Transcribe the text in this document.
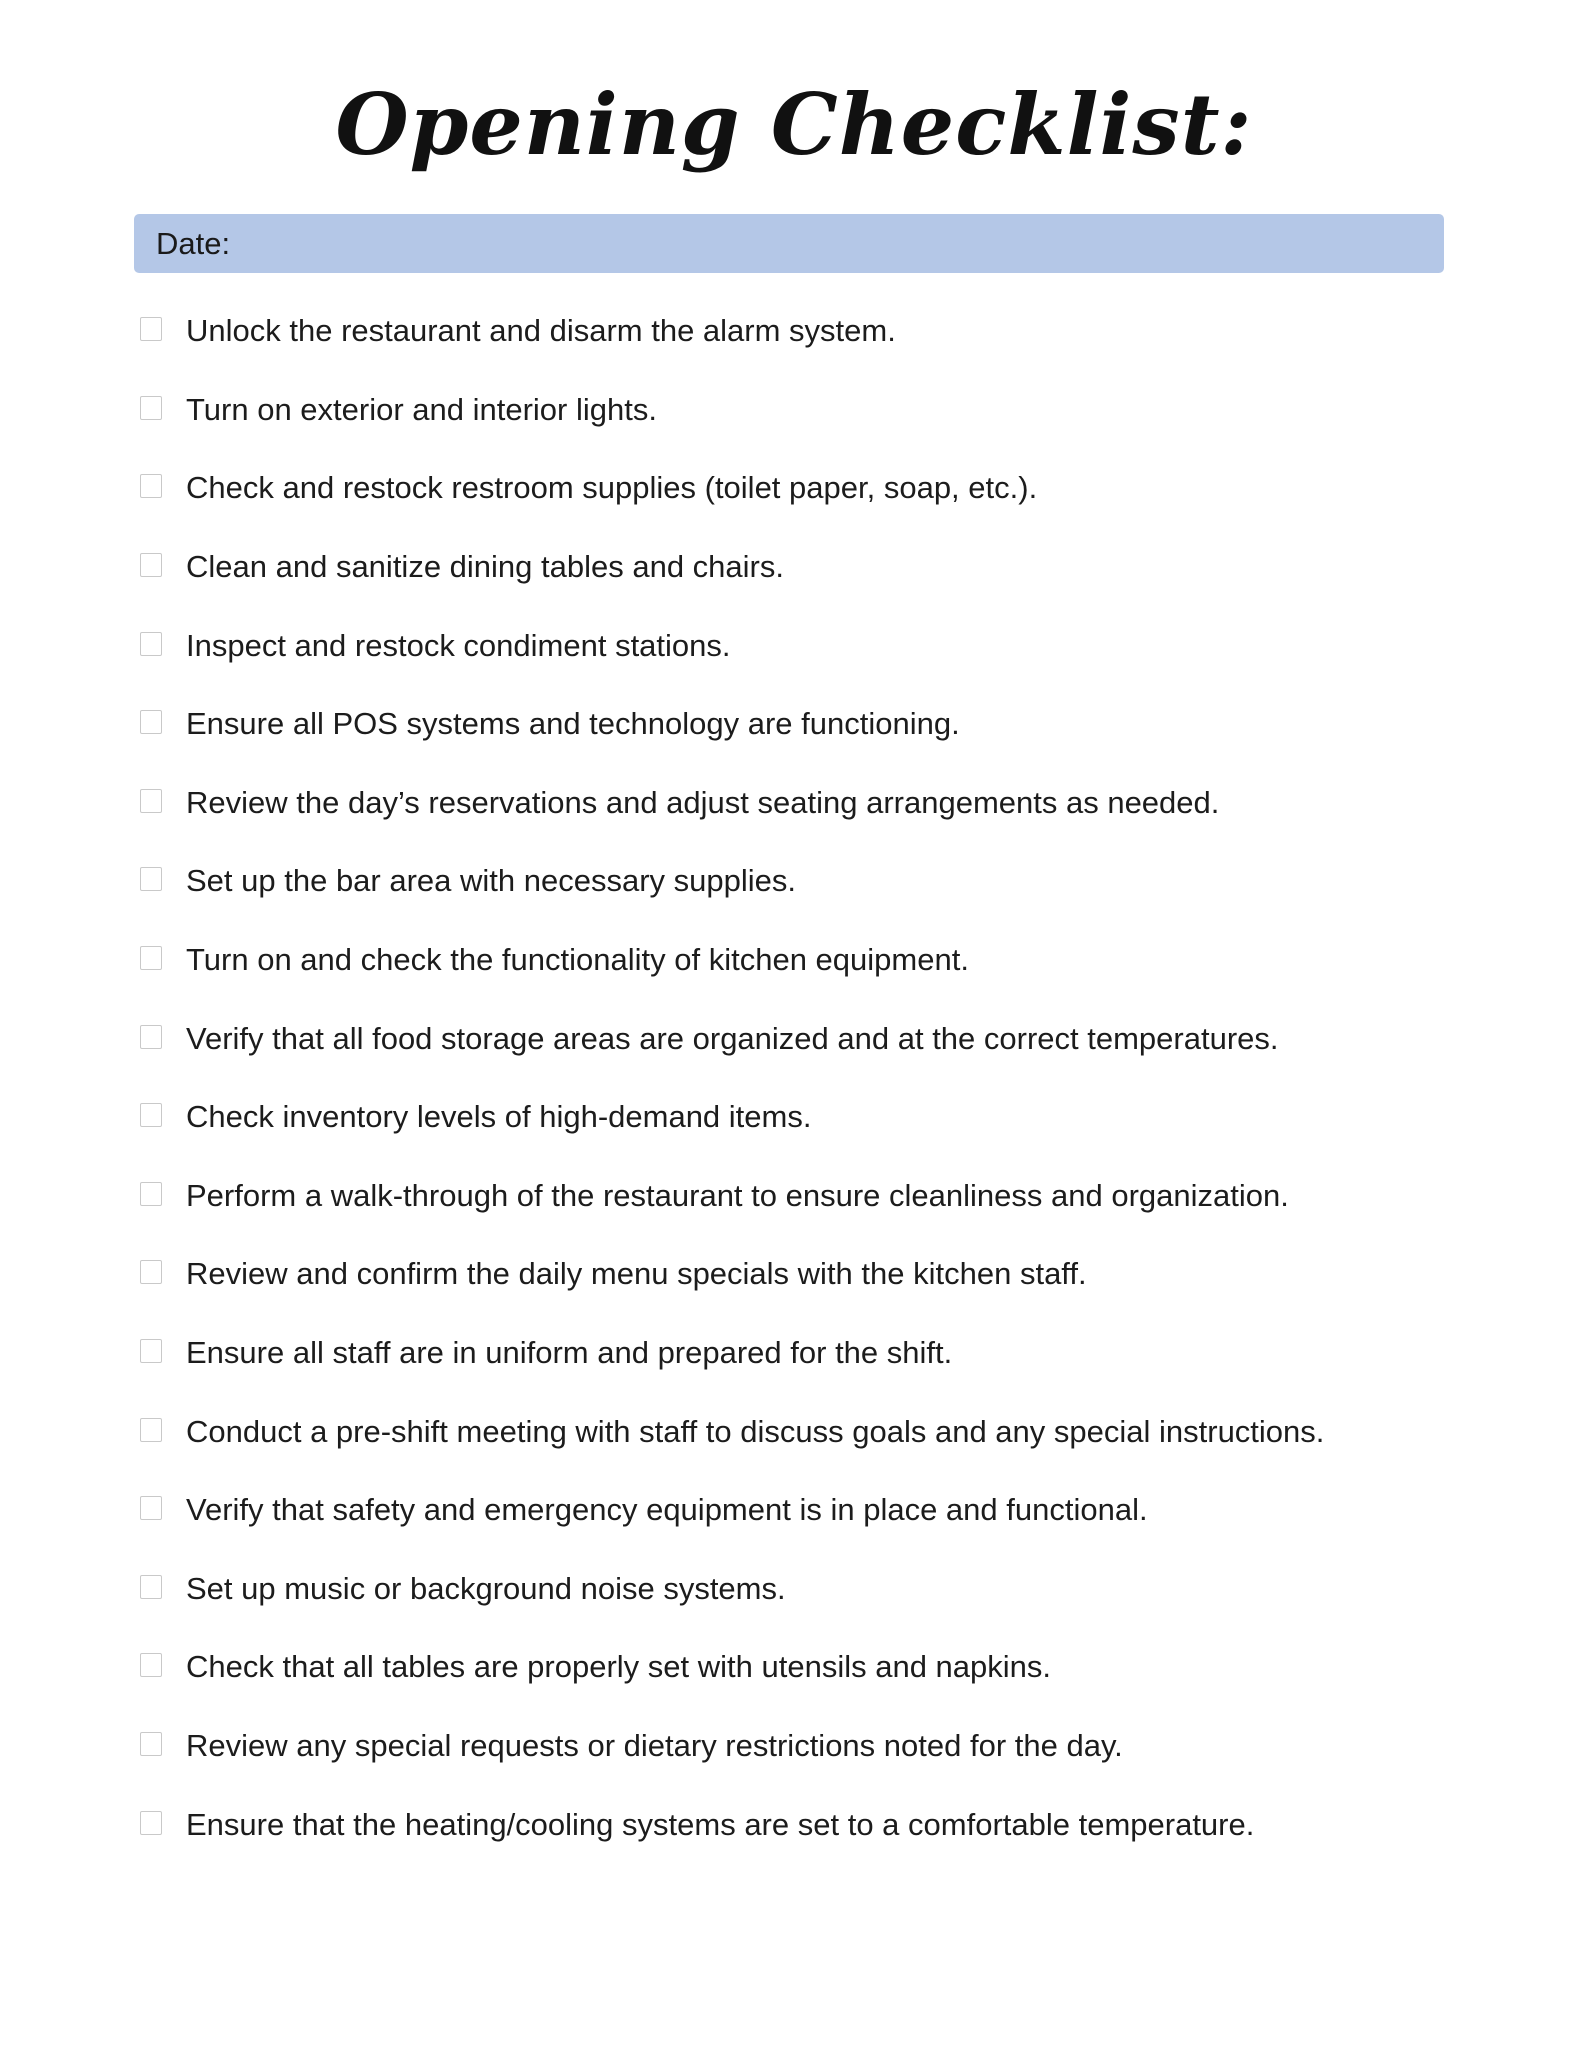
Opening Checklist:
Date:
Unlock the restaurant and disarm the alarm system.
Turn on exterior and interior lights.
Check and restock restroom supplies (toilet paper, soap, etc.).
Clean and sanitize dining tables and chairs.
Inspect and restock condiment stations.
Ensure all POS systems and technology are functioning.
Review the day’s reservations and adjust seating arrangements as needed.
Set up the bar area with necessary supplies.
Turn on and check the functionality of kitchen equipment.
Verify that all food storage areas are organized and at the correct temperatures.
Check inventory levels of high-demand items.
Perform a walk-through of the restaurant to ensure cleanliness and organization.
Review and confirm the daily menu specials with the kitchen staff.
Ensure all staff are in uniform and prepared for the shift.
Conduct a pre-shift meeting with staff to discuss goals and any special instructions.
Verify that safety and emergency equipment is in place and functional.
Set up music or background noise systems.
Check that all tables are properly set with utensils and napkins.
Review any special requests or dietary restrictions noted for the day.
Ensure that the heating/cooling systems are set to a comfortable temperature.
